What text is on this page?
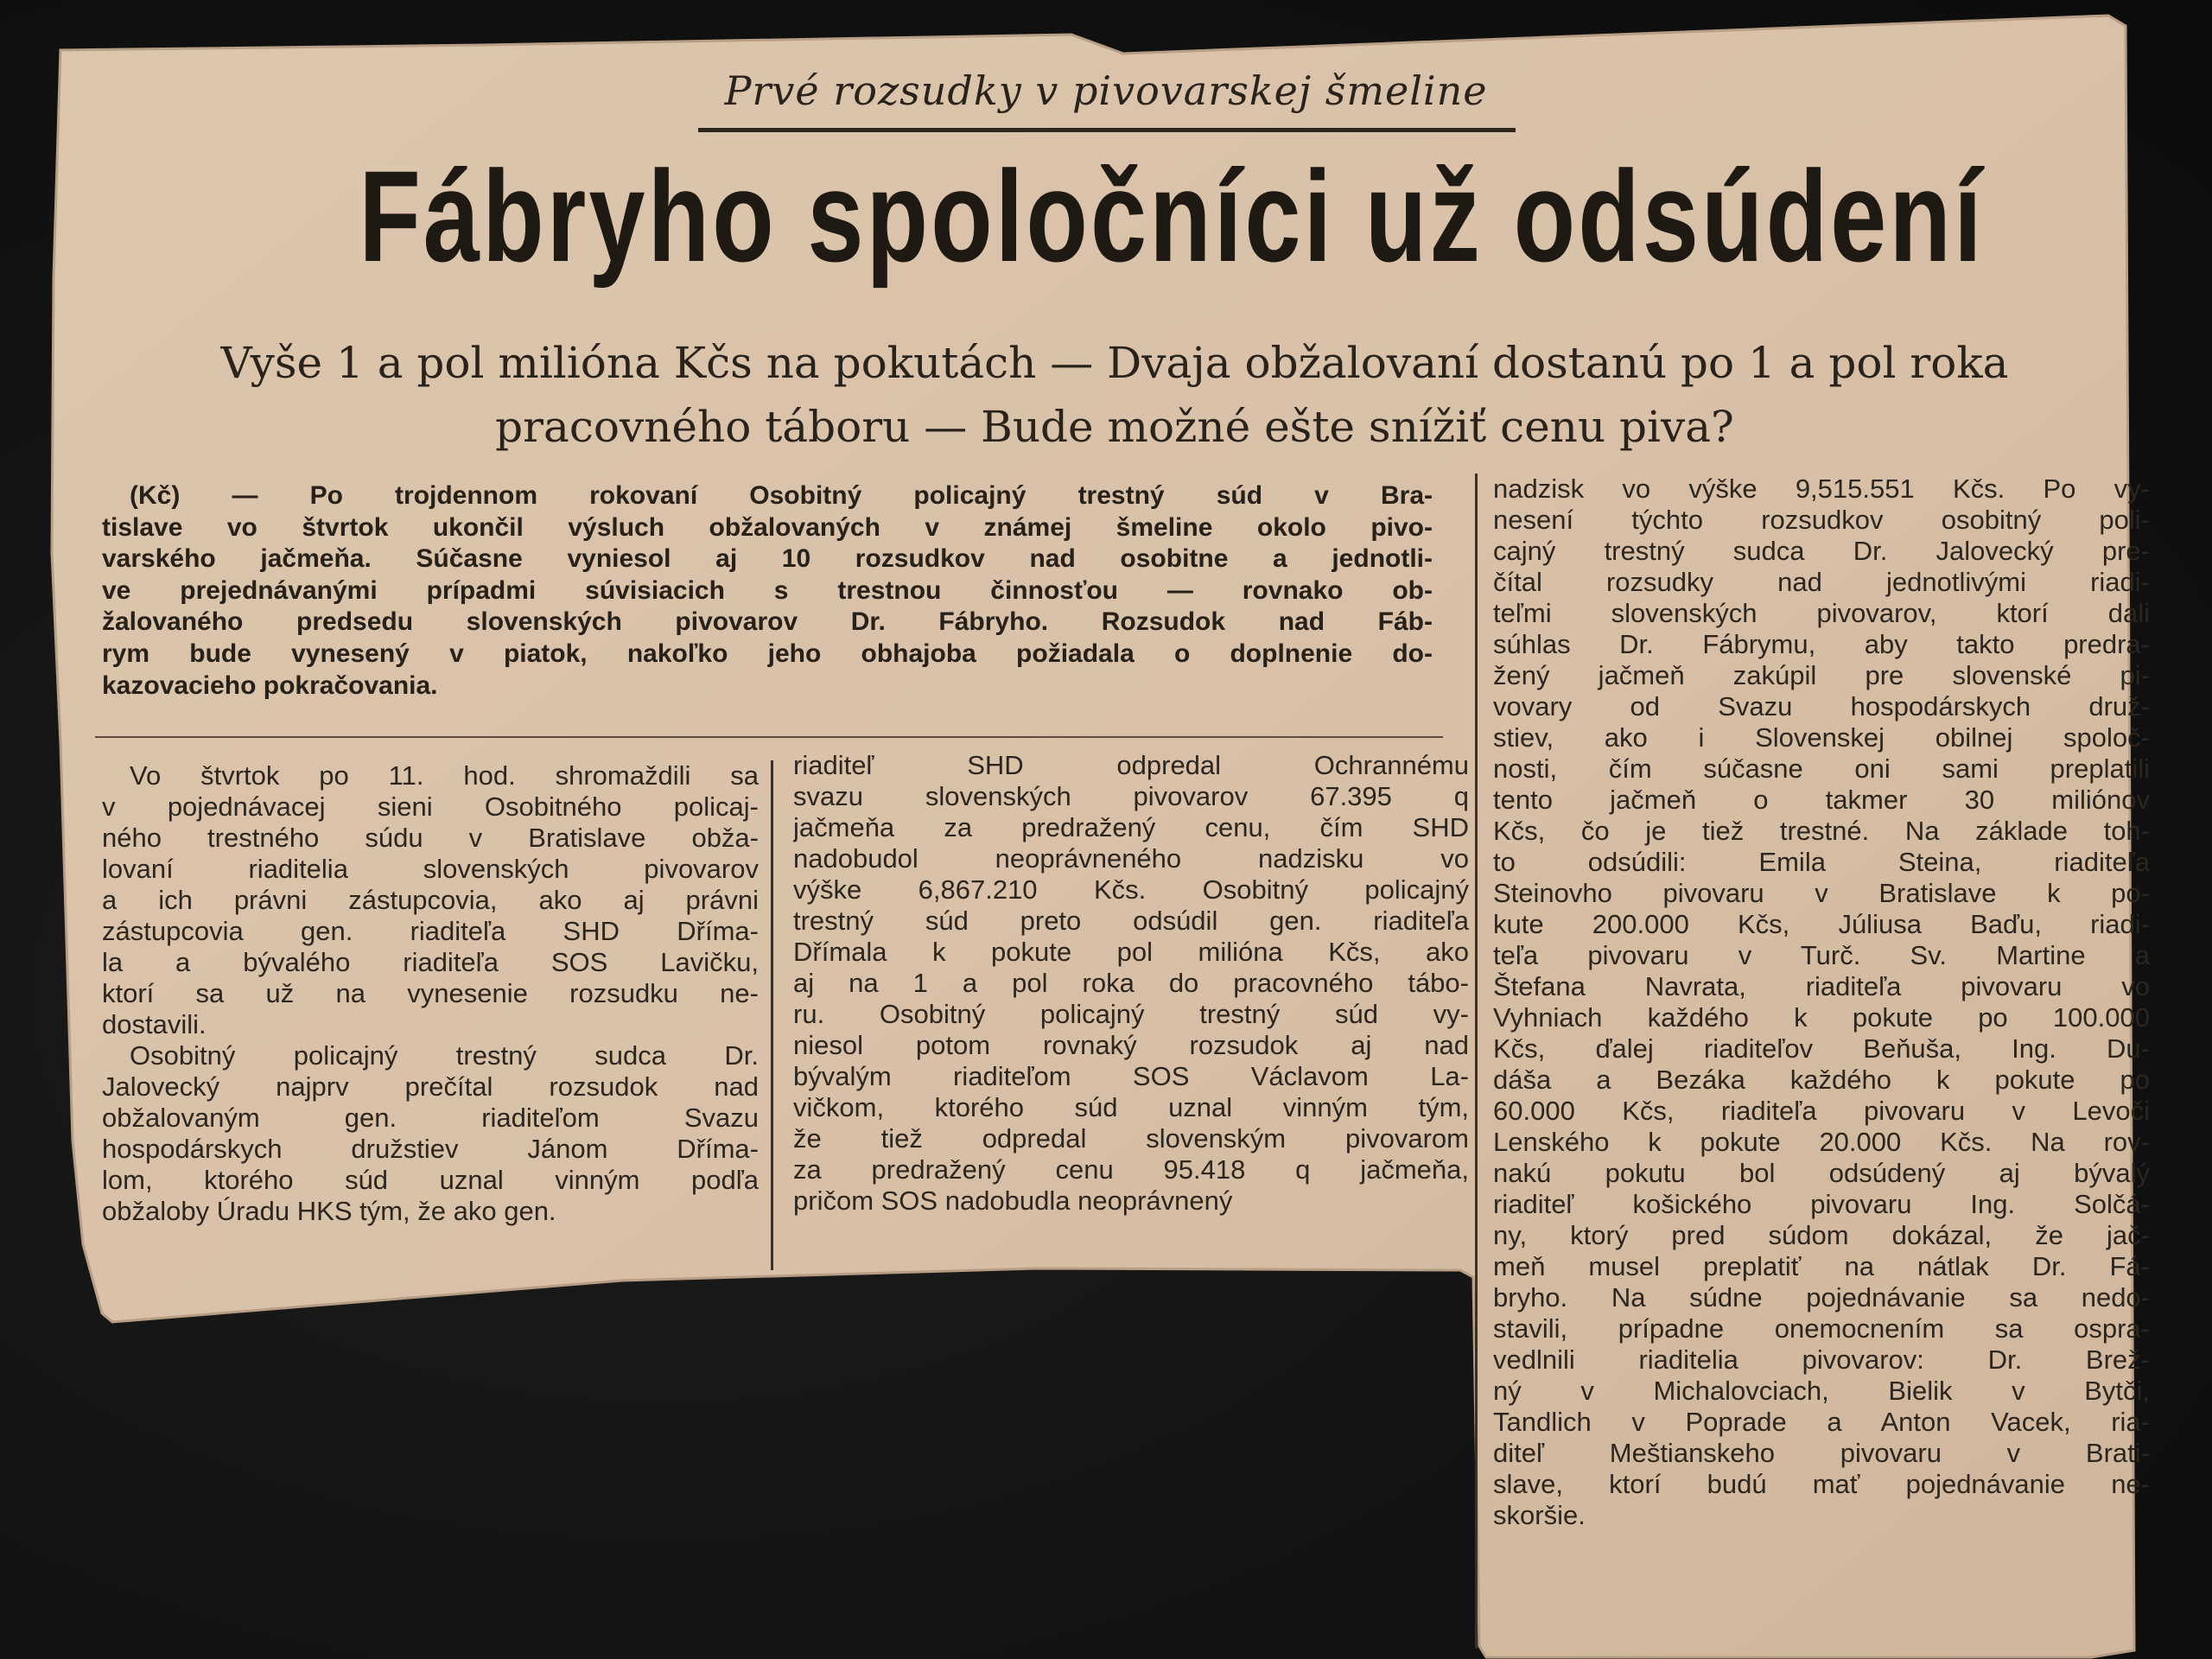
Prvé rozsudky v pivovarskej šmeline
Fábryho spoločníci už odsúdení
Vyše 1 a pol milióna Kčs na pokutách — Dvaja obžalovaní dostanú po 1 a pol roka
pracovného táboru — Bude možné ešte snížiť cenu piva?
(Kč) — Po trojdennom rokovaní Osobitný policajný trestný súd v Bra-
tislave vo štvrtok ukončil výsluch obžalovaných v známej šmeline okolo pivo-
varského jačmeňa. Súčasne vyniesol aj 10 rozsudkov nad osobitne a jednotli-
ve prejednávanými prípadmi súvisiacich s trestnou činnosťou — rovnako ob-
žalovaného predsedu slovenských pivovarov Dr. Fábryho. Rozsudok nad Fáb-
rym bude vynesený v piatok, nakoľko jeho obhajoba požiadala o doplnenie do-
kazovacieho pokračovania.
Vo štvrtok po 11. hod. shromaždili sa
v pojednávacej sieni Osobitného policaj-
ného trestného súdu v Bratislave obža-
lovaní riaditelia slovenských pivovarov
a ich právni zástupcovia, ako aj právni
zástupcovia gen. riaditeľa SHD Dříma-
la a bývalého riaditeľa SOS Lavičku,
ktorí sa už na vynesenie rozsudku ne-
dostavili.
Osobitný policajný trestný sudca Dr.
Jalovecký najprv prečítal rozsudok nad
obžalovaným gen. riaditeľom Svazu
hospodárskych družstiev Jánom Dříma-
lom, ktorého súd uznal vinným podľa
obžaloby Úradu HKS tým, že ako gen.
riaditeľ SHD odpredal Ochrannému
svazu slovenských pivovarov 67.395 q
jačmeňa za predražený cenu, čím SHD
nadobudol neoprávneného nadzisku vo
výške 6,867.210 Kčs. Osobitný policajný
trestný súd preto odsúdil gen. riaditeľa
Dřímala k pokute pol milióna Kčs, ako
aj na 1 a pol roka do pracovného tábo-
ru. Osobitný policajný trestný súd vy-
niesol potom rovnaký rozsudok aj nad
bývalým riaditeľom SOS Václavom La-
vičkom, ktorého súd uznal vinným tým,
že tiež odpredal slovenským pivovarom
za predražený cenu 95.418 q jačmeňa,
pričom SOS nadobudla neoprávnený
nadzisk vo výške 9,515.551 Kčs. Po vy-
nesení týchto rozsudkov osobitný poli-
cajný trestný sudca Dr. Jalovecký pre-
čítal rozsudky nad jednotlivými riadi-
teľmi slovenských pivovarov, ktorí dali
súhlas Dr. Fábrymu, aby takto predra-
žený jačmeň zakúpil pre slovenské pi-
vovary od Svazu hospodárskych druž-
stiev, ako i Slovenskej obilnej spoloč-
nosti, čím súčasne oni sami preplatili
tento jačmeň o takmer 30 miliónov
Kčs, čo je tiež trestné. Na základe toh-
to odsúdili: Emila Steina, riaditeľa
Steinovho pivovaru v Bratislave k po-
kute 200.000 Kčs, Júliusa Baďu, riadi-
teľa pivovaru v Turč. Sv. Martine a
Štefana Navrata, riaditeľa pivovaru vo
Vyhniach každého k pokute po 100.000
Kčs, ďalej riaditeľov Beňuša, Ing. Du-
dáša a Bezáka každého k pokute po
60.000 Kčs, riaditeľa pivovaru v Levoči
Lenského k pokute 20.000 Kčs. Na rov-
nakú pokutu bol odsúdený aj bývalý
riaditeľ košického pivovaru Ing. Solčá-
ny, ktorý pred súdom dokázal, že jač-
meň musel preplatiť na nátlak Dr. Fá-
bryho. Na súdne pojednávanie sa nedo-
stavili, prípadne onemocnením sa ospra-
vedlnili riaditelia pivovarov: Dr. Brež-
ný v Michalovciach, Bielik v Bytči,
Tandlich v Poprade a Anton Vacek, ria-
diteľ Meštianskeho pivovaru v Brati-
slave, ktorí budú mať pojednávanie ne-
skoršie.
